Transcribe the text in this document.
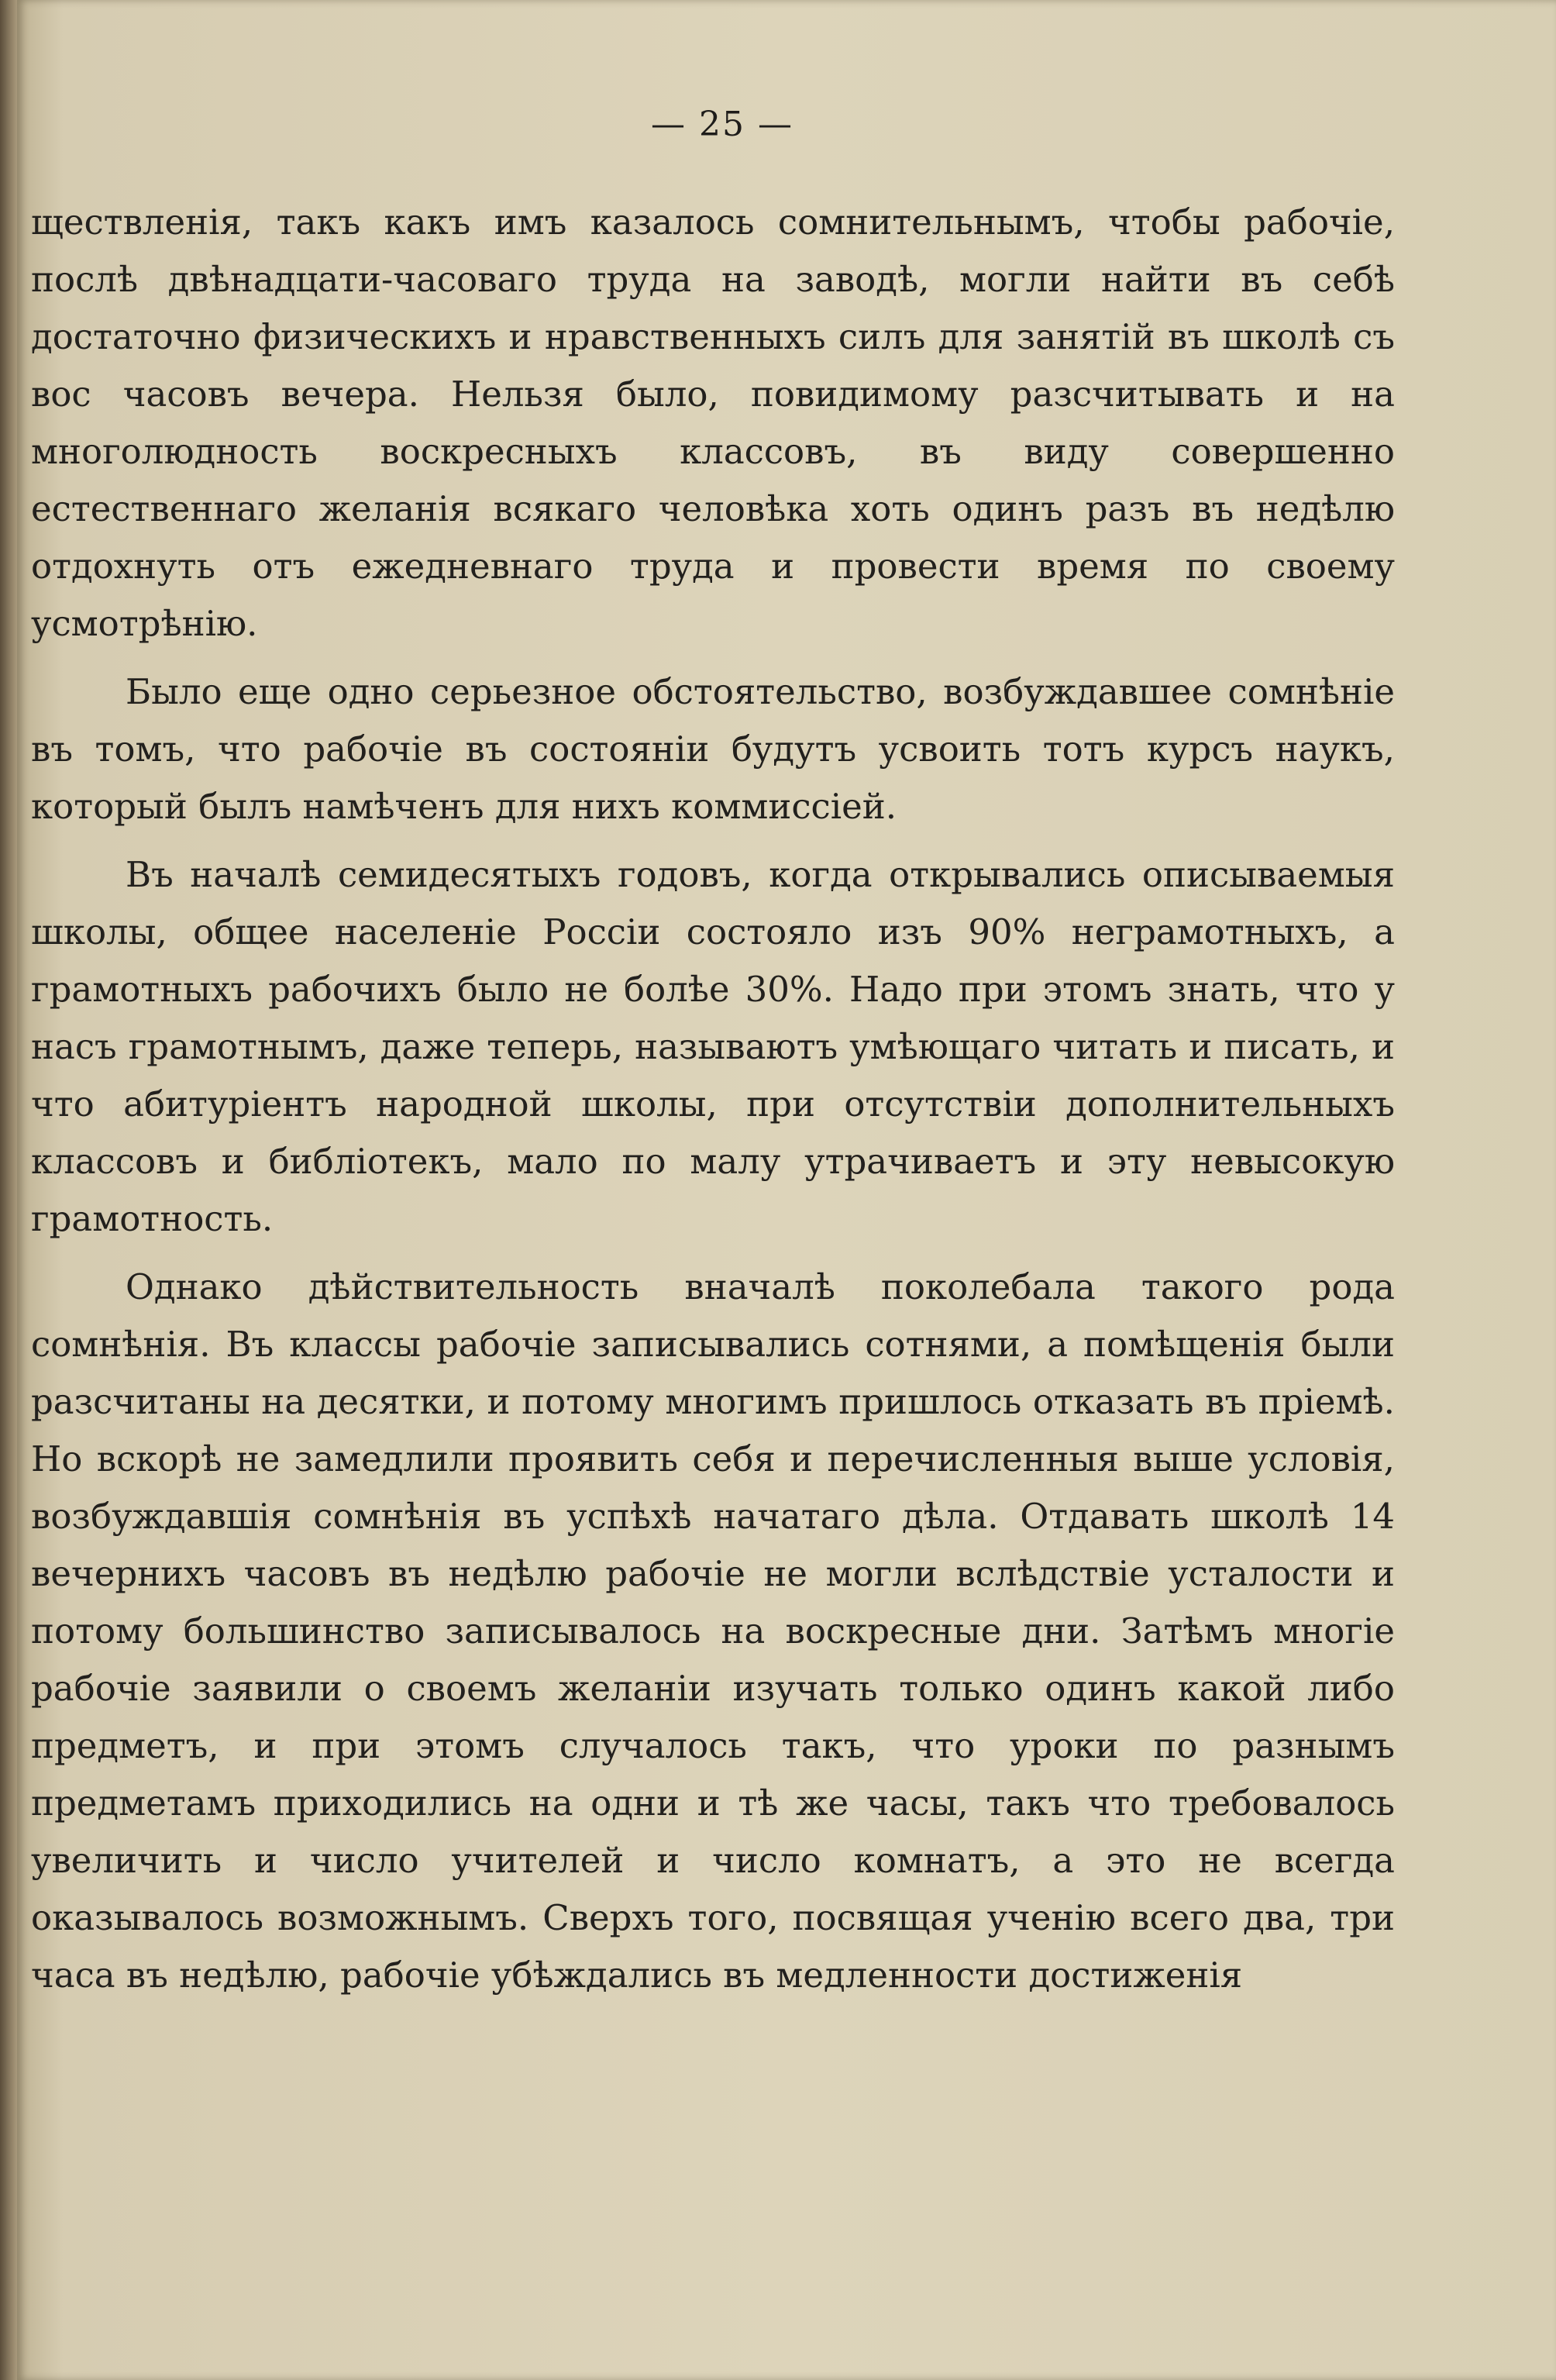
— 25 —

ществленія, такъ какъ имъ казалось сомнительнымъ, чтобы рабочіе, послѣ двѣнадцати-часоваго труда на заводѣ, могли найти въ себѣ достаточно физическихъ и нравственныхъ силъ для занятій въ школѣ съ вос часовъ вечера. Нельзя было, повидимому разсчитывать и на многолюдность воскресныхъ классовъ, въ виду совершенно естественнаго желанія всякаго человѣка хоть одинъ разъ въ недѣлю отдохнуть отъ ежедневнаго труда и провести время по своему усмотрѣнію.

Было еще одно серьезное обстоятельство, возбуждавшее сомнѣніе въ томъ, что рабочіе въ состояніи будутъ усвоить тотъ курсъ наукъ, который былъ намѣченъ для нихъ коммиссіей.

Въ началѣ семидесятыхъ годовъ, когда открывались описываемыя школы, общее населеніе Россіи состояло изъ 90% неграмотныхъ, а грамотныхъ рабочихъ было не болѣе 30%. Надо при этомъ знать, что у насъ грамотнымъ, даже теперь, называютъ умѣющаго читать и писать, и что абитуріентъ народной школы, при отсутствіи дополнительныхъ классовъ и библіотекъ, мало по малу утрачиваетъ и эту невысокую грамотность.

Однако дѣйствительность вначалѣ поколебала такого рода сомнѣнія. Въ классы рабочіе записывались сотнями, а помѣщенія были разсчитаны на десятки, и потому многимъ пришлось отказать въ пріемѣ. Но вскорѣ не замедлили проявить себя и перечисленныя выше условія, возбуждавшія сомнѣнія въ успѣхѣ начатаго дѣла. Отдавать школѣ 14 вечернихъ часовъ въ недѣлю рабочіе не могли вслѣдствіе усталости и потому большинство записывалось на воскресные дни. Затѣмъ многіе рабочіе заявили о своемъ желаніи изучать только одинъ какой либо предметъ, и при этомъ случалось такъ, что уроки по разнымъ предметамъ приходились на одни и тѣ же часы, такъ что требовалось увеличить и число учителей и число комнатъ, а это не всегда оказывалось возможнымъ. Сверхъ того, посвящая ученію всего два, три часа въ недѣлю, рабочіе убѣждались въ медленности достиженія
